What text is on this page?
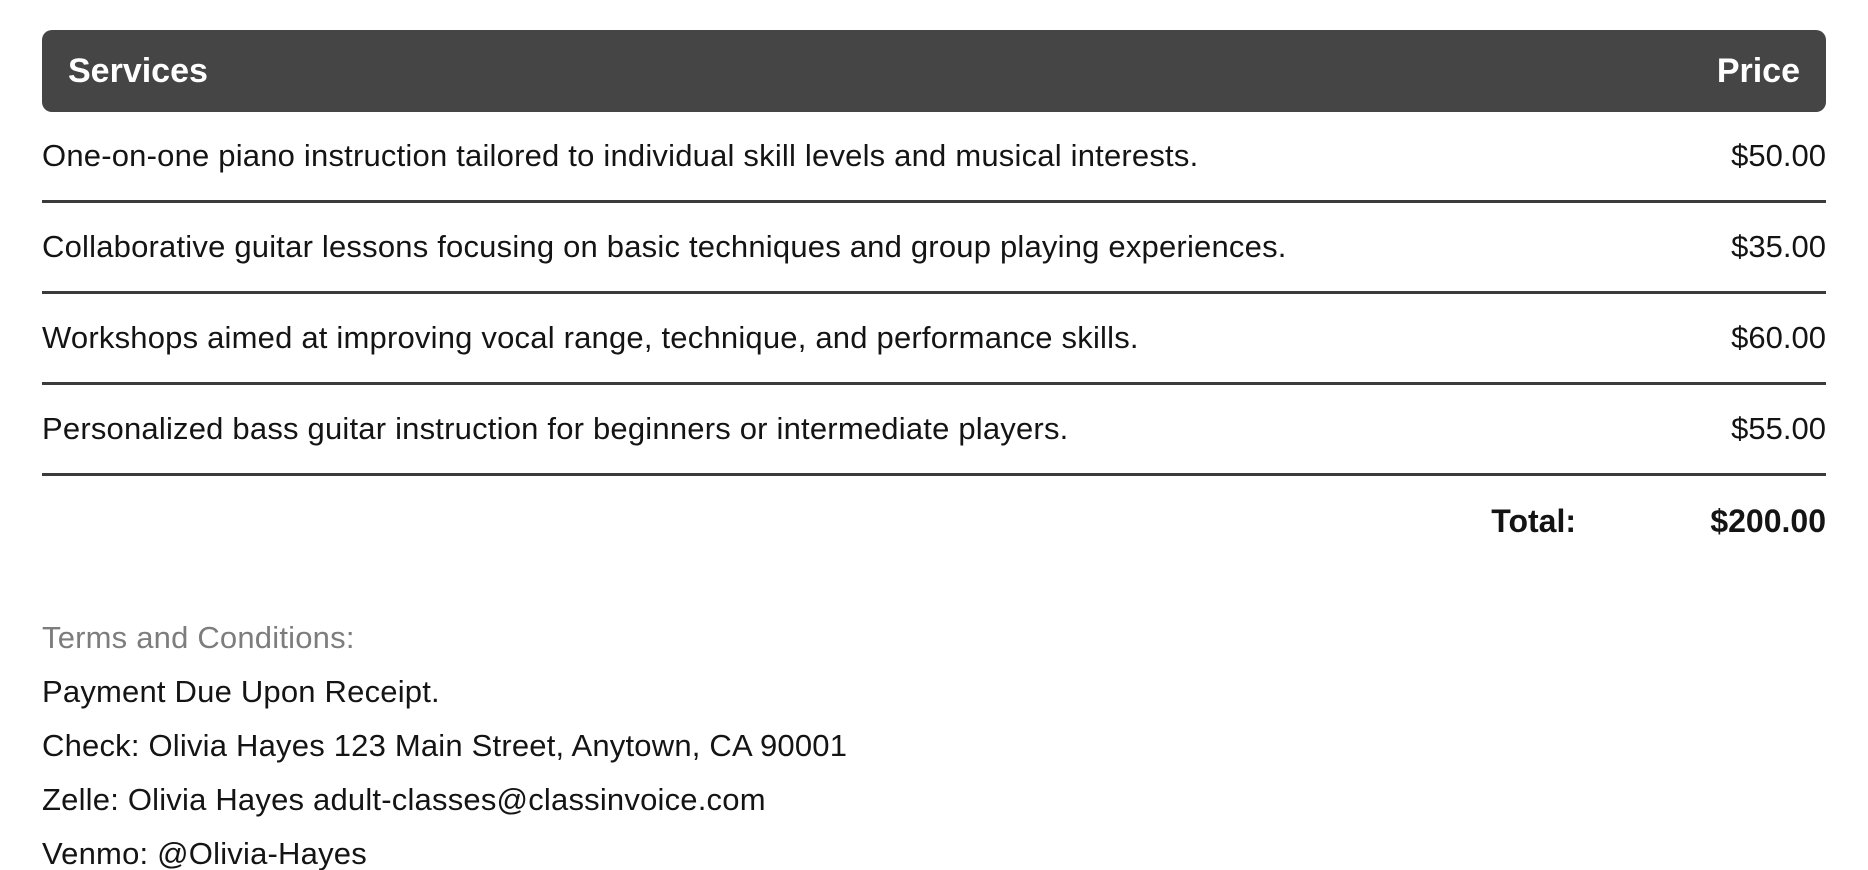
Services	Price
One-on-one piano instruction tailored to individual skill levels and musical interests.	$50.00
Collaborative guitar lessons focusing on basic techniques and group playing experiences.	$35.00
Workshops aimed at improving vocal range, technique, and performance skills.	$60.00
Personalized bass guitar instruction for beginners or intermediate players.	$55.00
Total:	$200.00
Terms and Conditions:
Payment Due Upon Receipt.
Check: Olivia Hayes 123 Main Street, Anytown, CA 90001
Zelle: Olivia Hayes adult-classes@classinvoice.com
Venmo: @Olivia-Hayes
